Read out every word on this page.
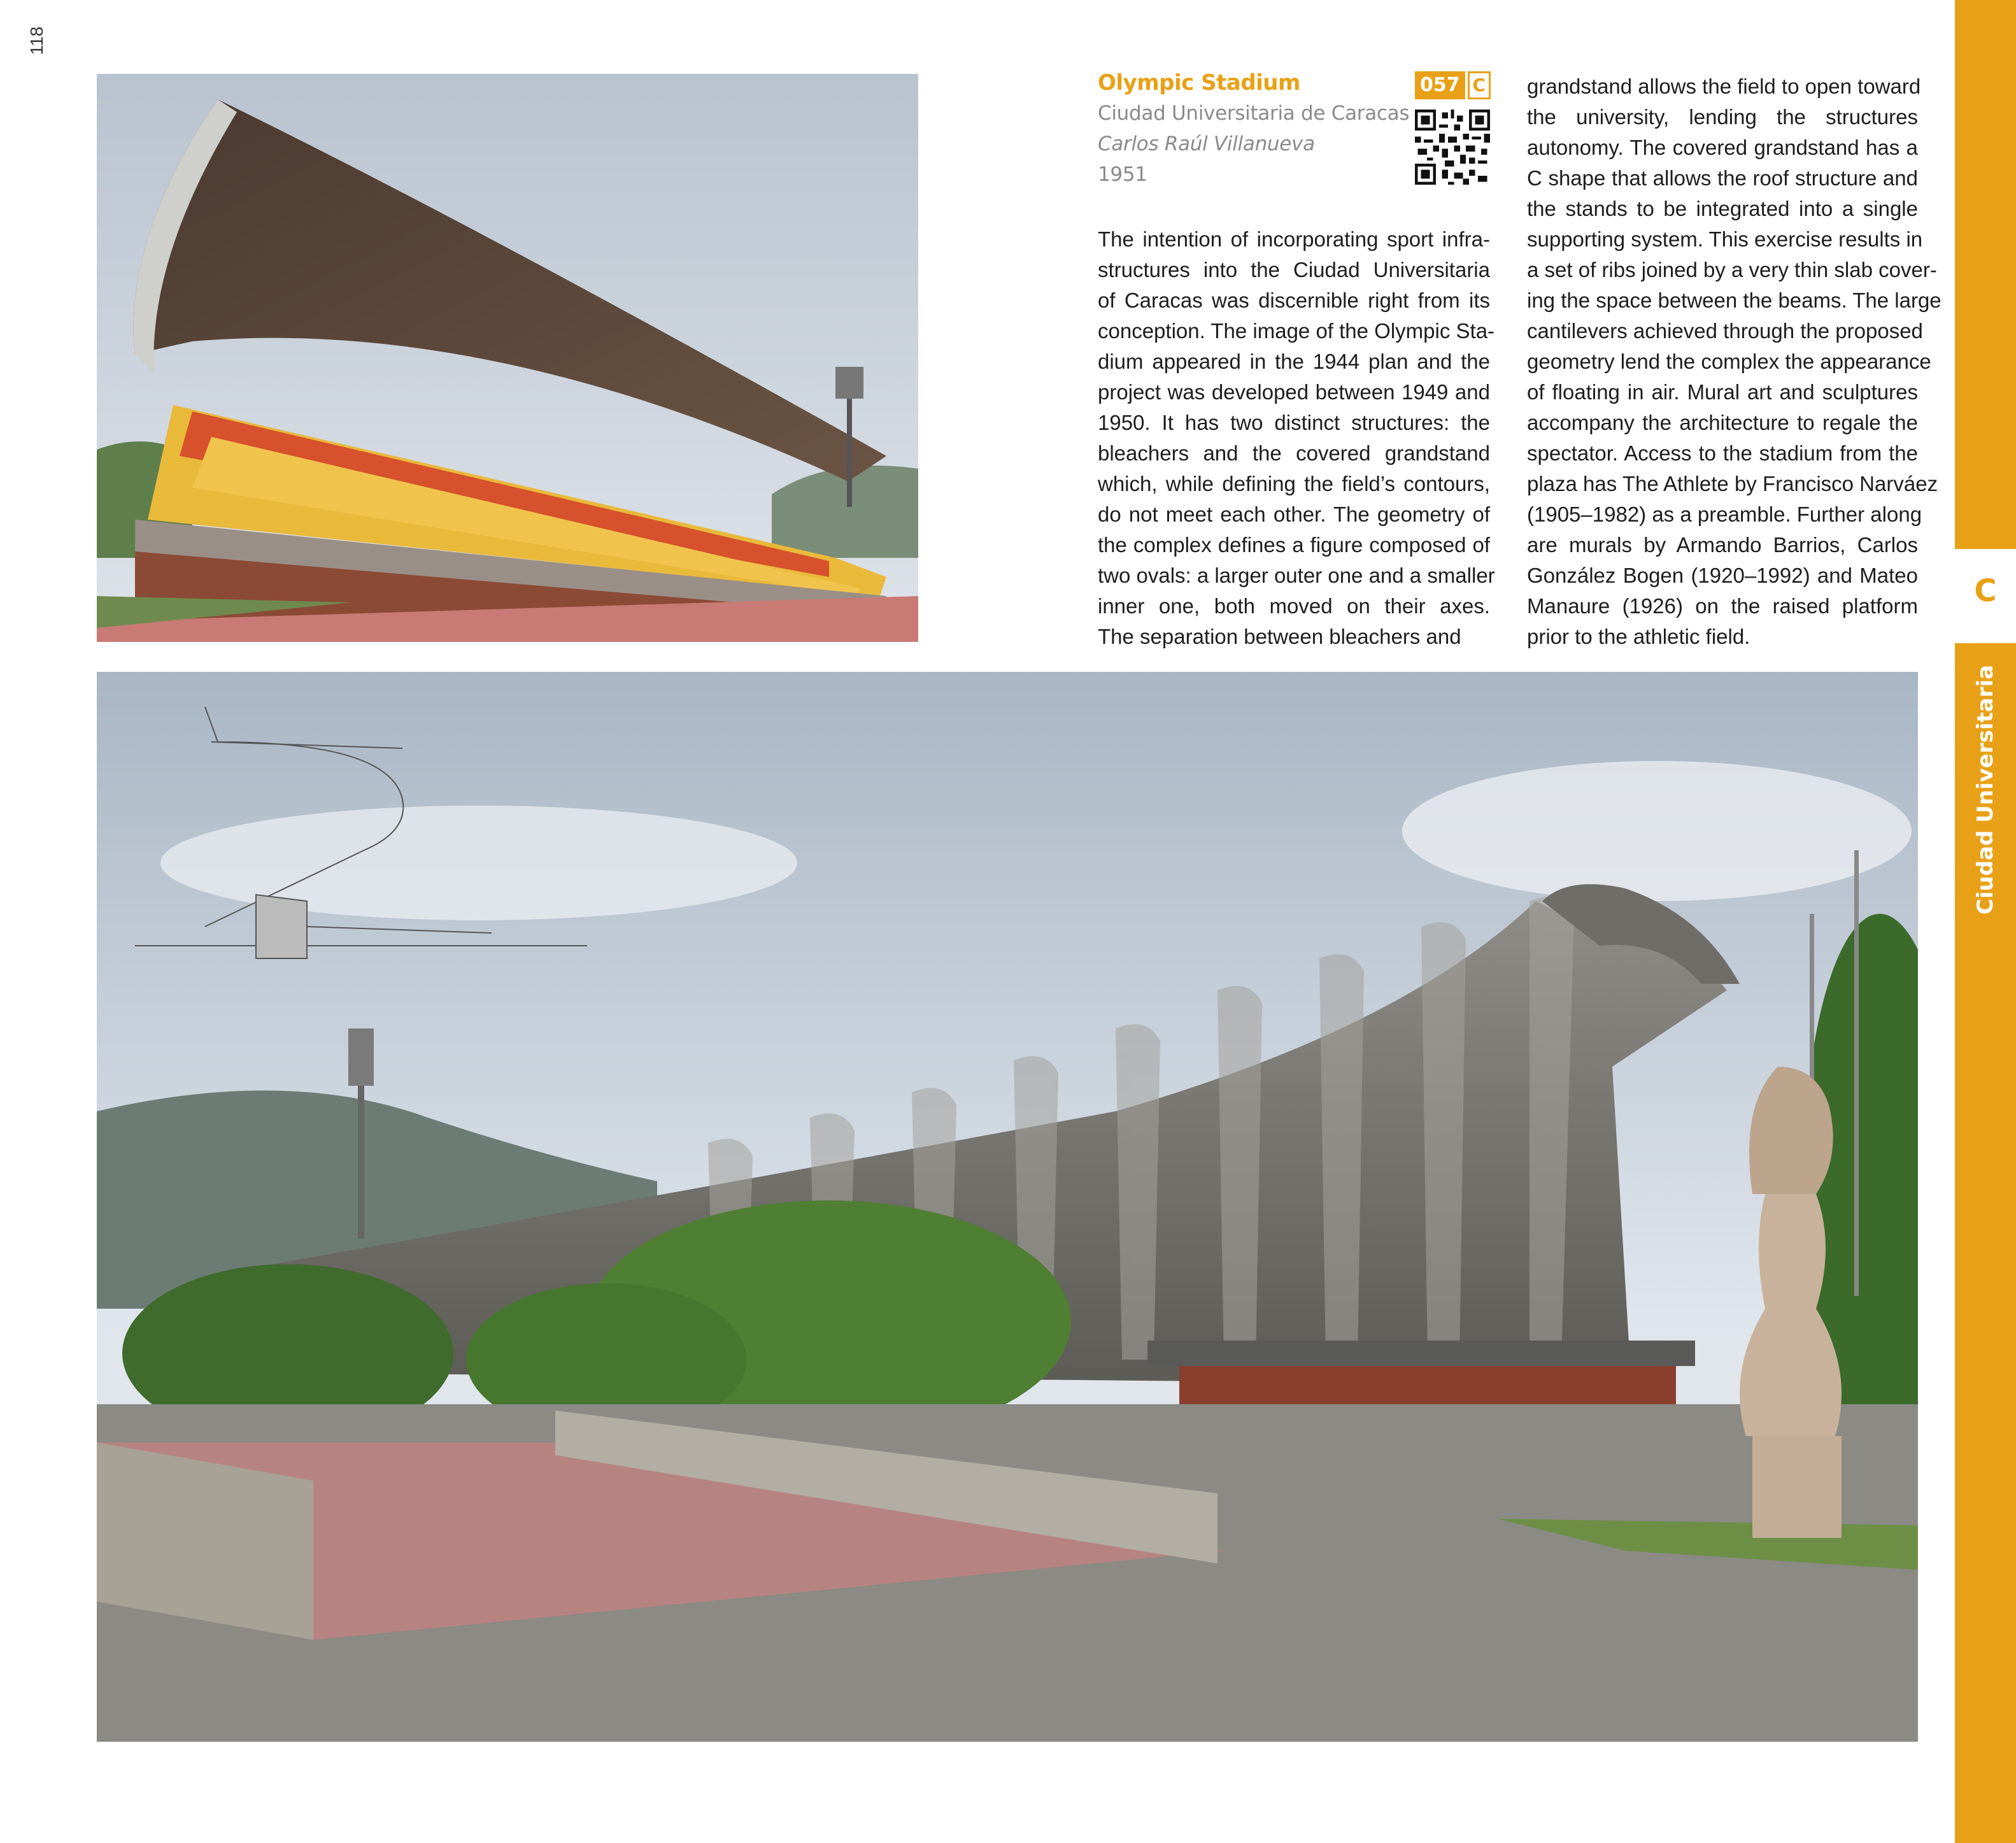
118
Olympic Stadium
Ciudad Universitaria de Caracas
Carlos Raúl Villanueva
1951
057 C
The intention of incorporating sport infra-
structures into the Ciudad Universitaria
of Caracas was discernible right from its
conception. The image of the Olympic Sta-
dium appeared in the 1944 plan and the
project was developed between 1949 and
1950. It has two distinct structures: the
bleachers and the covered grandstand
which, while defining the field’s contours,
do not meet each other. The geometry of
the complex defines a figure composed of
two ovals: a larger outer one and a smaller
inner one, both moved on their axes.
The separation between bleachers and
grandstand allows the field to open toward
the university, lending the structures
autonomy. The covered grandstand has a
C shape that allows the roof structure and
the stands to be integrated into a single
supporting system. This exercise results in
a set of ribs joined by a very thin slab cover-
ing the space between the beams. The large
cantilevers achieved through the proposed
geometry lend the complex the appearance
of floating in air. Mural art and sculptures
accompany the architecture to regale the
spectator. Access to the stadium from the
plaza has The Athlete by Francisco Narváez
(1905–1982) as a preamble. Further along
are murals by Armando Barrios, Carlos
González Bogen (1920–1992) and Mateo
Manaure (1926) on the raised platform
prior to the athletic field.
C
Ciudad Universitaria
